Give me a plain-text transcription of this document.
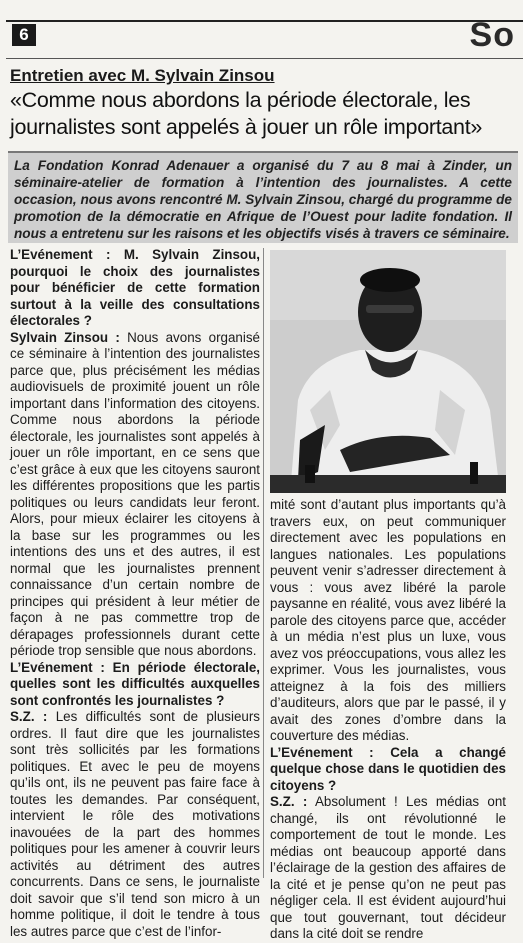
6	So
Entretien avec M. Sylvain Zinsou
«Comme nous abordons la période électorale, les journalistes sont appelés à jouer un rôle important»

La Fondation Konrad Adenauer a organisé du 7 au 8 mai à Zinder, un séminaire-atelier de formation à l’intention des journalistes. A cette occasion, nous avons rencontré M. Sylvain Zinsou, chargé du programme de promotion de la démocratie en Afrique de l’Ouest pour ladite fondation. Il nous a entretenu sur les raisons et les objectifs visés à travers ce séminaire.

L’Evénement : M. Sylvain Zinsou, pourquoi le choix des journalistes pour bénéficier de cette formation surtout à la veille des consultations électorales ?

Sylvain Zinsou : Nous avons organisé ce séminaire à l’intention des journalistes parce que, plus précisément les médias audiovisuels de proximité jouent un rôle important dans l’information des citoyens. Comme nous abordons la période électorale, les journalistes sont appelés à jouer un rôle important, en ce sens que c’est grâce à eux que les citoyens sauront les différentes propositions que les partis politiques ou leurs candidats leur feront. Alors, pour mieux éclairer les citoyens à la base sur les programmes ou les intentions des uns et des autres, il est normal que les journalistes prennent connaissance d’un certain nombre de principes qui président à leur métier de façon à ne pas commettre trop de dérapages professionnels durant cette période trop sensible que nous abordons.

L’Evénement : En période électorale, quelles sont les difficultés auxquelles sont confrontés les journalistes ?

S.Z. : Les difficultés sont de plusieurs ordres. Il faut dire que les journalistes sont très sollicités par les formations politiques. Et avec le peu de moyens qu’ils ont, ils ne peuvent pas faire face à toutes les demandes. Par conséquent, intervient le rôle des motivations inavouées de la part des hommes politiques pour les amener à couvrir leurs activités au détriment des autres concurrents. Dans ce sens, le journaliste doit savoir que s’il tend son micro à un homme politique, il doit le tendre à tous les autres parce que c’est de l’infor-

mité sont d’autant plus importants qu’à travers eux, on peut communiquer directement avec les populations en langues nationales. Les populations peuvent venir s’adresser directement à vous : vous avez libéré la parole paysanne en réalité, vous avez libéré la parole des citoyens parce que, accéder à un média n’est plus un luxe, vous avez vos préoccupations, vous allez les exprimer. Vous les journalistes, vous atteignez à la fois des milliers d’auditeurs, alors que par le passé, il y avait des zones d’ombre dans la couverture des médias.

L’Evénement : Cela a changé quelque chose dans le quotidien des citoyens ?

S.Z. : Absolument ! Les médias ont changé, ils ont révolutionné le comportement de tout le monde. Les médias ont beaucoup apporté dans l’éclairage de la gestion des affaires de la cité et je pense qu’on ne peut pas négliger cela. Il est évident aujourd’hui que tout gouvernant, tout décideur dans la cité doit se rendre
